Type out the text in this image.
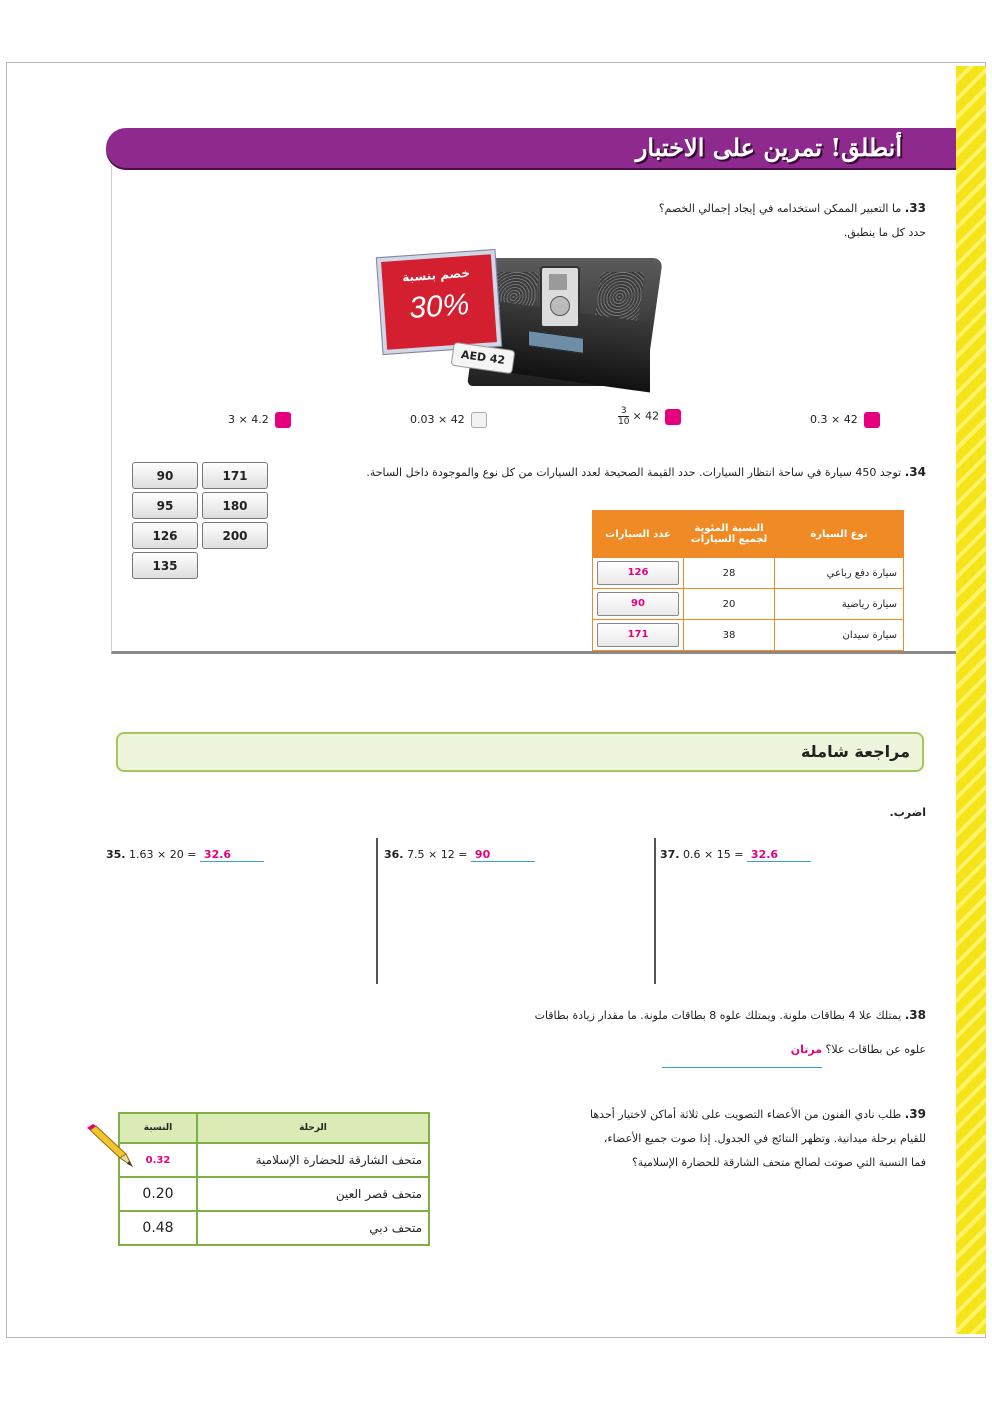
أنطلق! تمرين على الاختبار
33. ما التعبير الممكن استخدامه في إيجاد إجمالي الخصم؟
حدد كل ما ينطبق.
خصم بنسبة
30%
AED 42
0.3 × 42
$\frac{3}{10} \times 42$
0.03 × 42
3 × 4.2
34. توجد 450 سيارة في ساحة انتظار السيارات. حدد القيمة الصحيحة لعدد السيارات من كل نوع والموجودة داخل الساحة.
90	171
95	180
126	200
135
نوع السيارة	النسبة المئوية لجميع السيارات	عدد السيارات
سيارة دفع رباعي	28	126

سيارة رياضية	20	90

سيارة سيدان	38	171
مراجعة شاملة
اضرب.
35. 1.63 × 20 = 32.6	36. 7.5 × 12 = 90	37. 0.6 × 15 = 32.6
38. يمتلك علا 4 بطاقات ملونة. ويمتلك علوه 8 بطاقات ملونة. ما مقدار زيادة بطاقات
علوه عن بطاقات علا؟ مرتان
39. طلب نادي الفنون من الأعضاء التصويت على ثلاثة أماكن لاختيار أحدها
للقيام برحلة ميدانية. وتظهر النتائج في الجدول. إذا صوت جميع الأعضاء،
فما النسبة التي صوتت لصالح متحف الشارقة للحضارة الإسلامية؟
الرحلة	النسبة
متحف الشارقة للحضارة الإسلامية	0.32
متحف قصر العين	0.20
متحف دبي	0.48
